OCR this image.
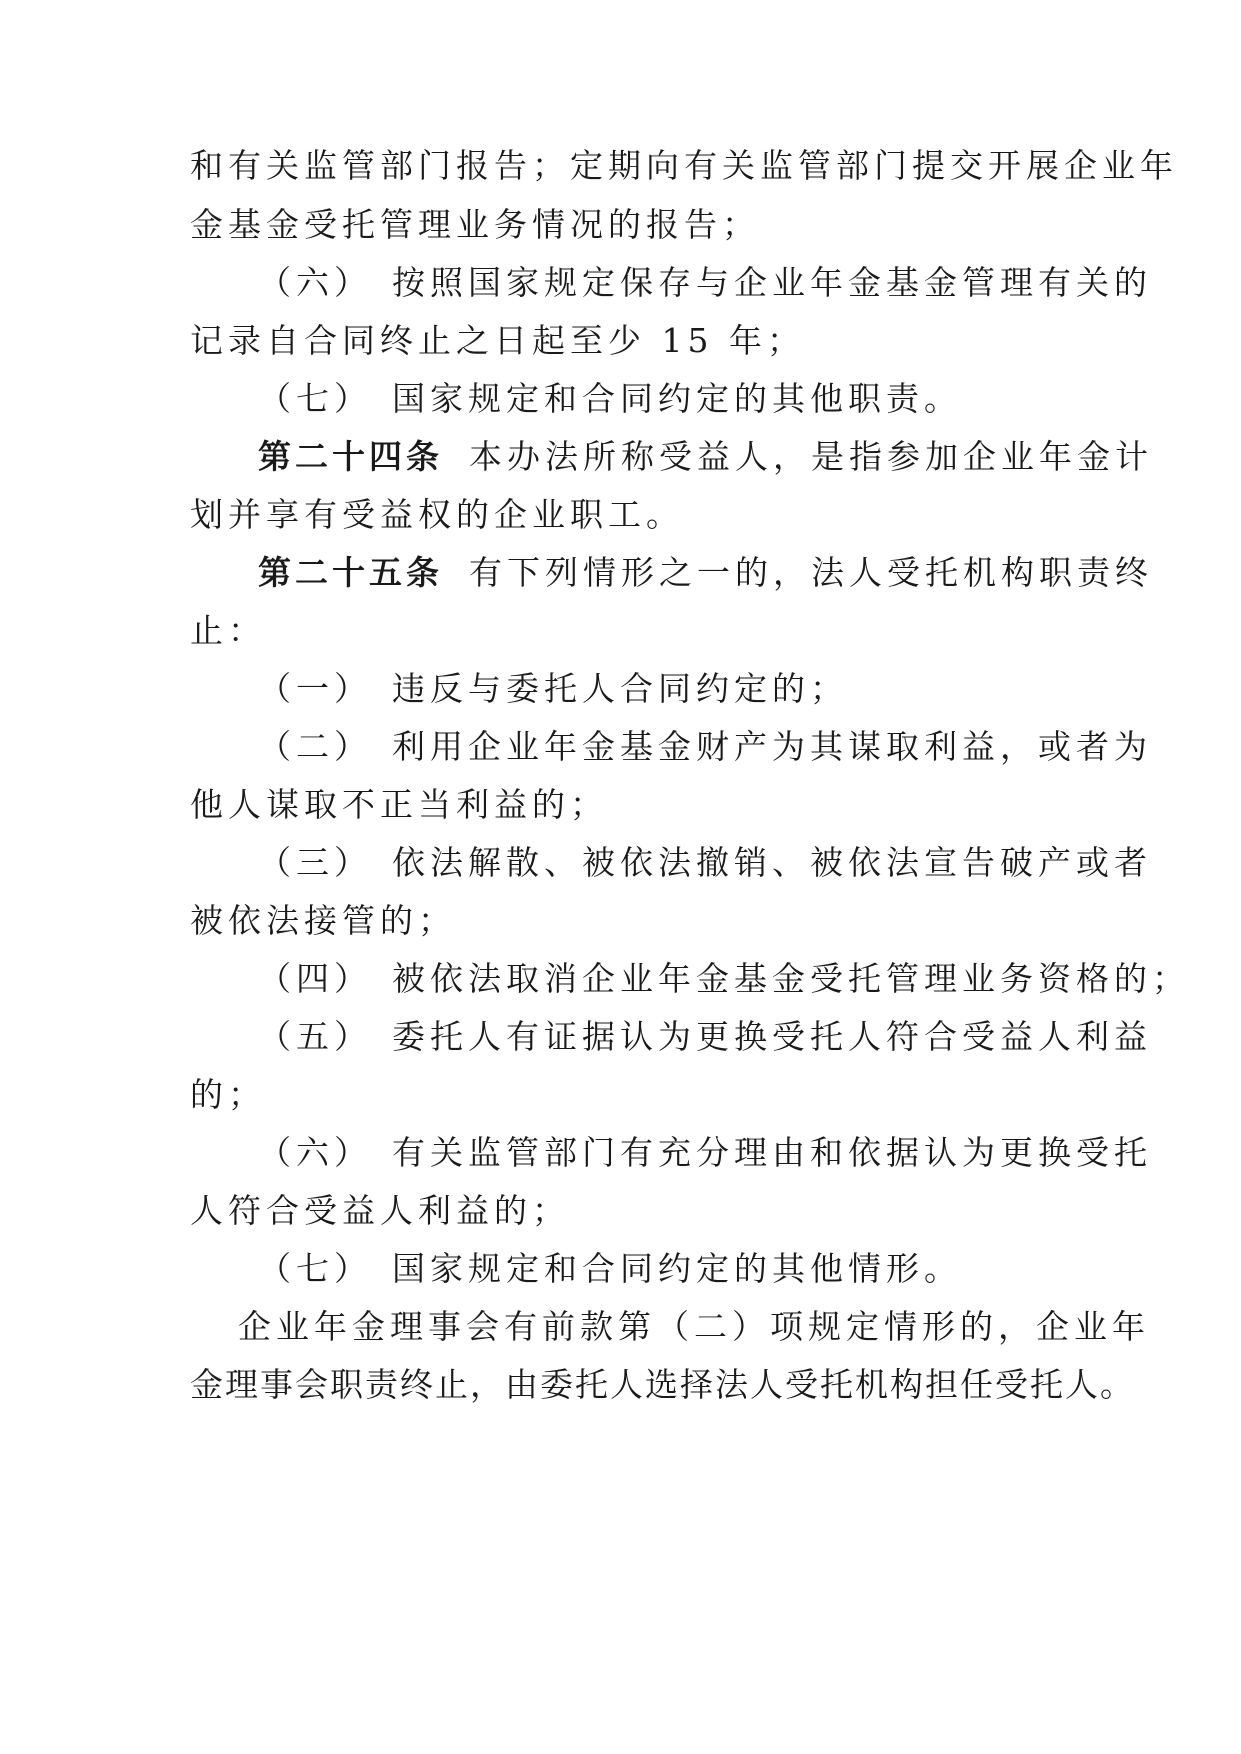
和有关监管部门报告；定期向有关监管部门提交开展企业年
金基金受托管理业务情况的报告；
（六） 按照国家规定保存与企业年金基金管理有关的
记录自合同终止之日起至少 15 年；
（七） 国家规定和合同约定的其他职责。
第二十四条 本办法所称受益人，是指参加企业年金计
划并享有受益权的企业职工。
第二十五条 有下列情形之一的，法人受托机构职责终
止：
（一） 违反与委托人合同约定的；
（二） 利用企业年金基金财产为其谋取利益，或者为
他人谋取不正当利益的；
（三） 依法解散、被依法撤销、被依法宣告破产或者
被依法接管的；
（四） 被依法取消企业年金基金受托管理业务资格的；
（五） 委托人有证据认为更换受托人符合受益人利益
的；
（六） 有关监管部门有充分理由和依据认为更换受托
人符合受益人利益的；
（七） 国家规定和合同约定的其他情形。
企业年金理事会有前款第（二）项规定情形的，企业年
金理事会职责终止，由委托人选择法人受托机构担任受托人。
